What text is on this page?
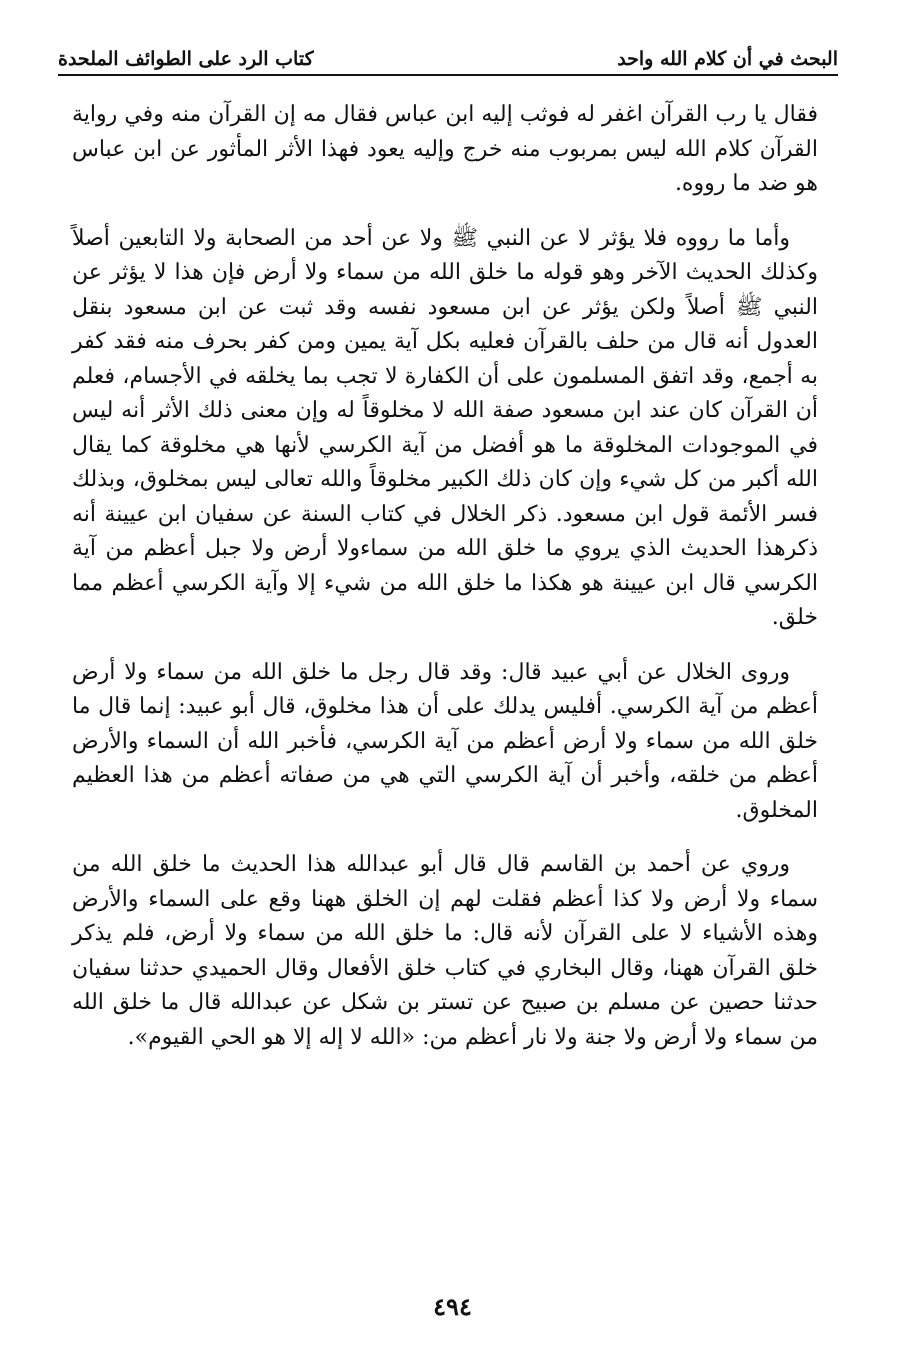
البحث في أن كلام الله واحد
كتاب الرد على الطوائف الملحدة

فقال يا رب القرآن اغفر له فوثب إليه ابن عباس فقال مه إن القرآن منه وفي رواية القرآن كلام الله ليس بمربوب منه خرج وإليه يعود فهذا الأثر المأثور عن ابن عباس هو ضد ما رووه.

وأما ما رووه فلا يؤثر لا عن النبي ﷺ ولا عن أحد من الصحابة ولا التابعين أصلاً وكذلك الحديث الآخر وهو قوله ما خلق الله من سماء ولا أرض فإن هذا لا يؤثر عن النبي ﷺ أصلاً ولكن يؤثر عن ابن مسعود نفسه وقد ثبت عن ابن مسعود بنقل العدول أنه قال من حلف بالقرآن فعليه بكل آية يمين ومن كفر بحرف منه فقد كفر به أجمع، وقد اتفق المسلمون على أن الكفارة لا تجب بما يخلقه في الأجسام، فعلم أن القرآن كان عند ابن مسعود صفة الله لا مخلوقاً له وإن معنى ذلك الأثر أنه ليس في الموجودات المخلوقة ما هو أفضل من آية الكرسي لأنها هي مخلوقة كما يقال الله أكبر من كل شيء وإن كان ذلك الكبير مخلوقاً والله تعالى ليس بمخلوق، وبذلك فسر الأئمة قول ابن مسعود. ذكر الخلال في كتاب السنة عن سفيان ابن عيينة أنه ذكرهذا الحديث الذي يروي ما خلق الله من سماءولا أرض ولا جبل أعظم من آية الكرسي قال ابن عيينة هو هكذا ما خلق الله من شيء إلا وآية الكرسي أعظم مما خلق.

وروى الخلال عن أبي عبيد قال: وقد قال رجل ما خلق الله من سماء ولا أرض أعظم من آية الكرسي. أفليس يدلك على أن هذا مخلوق، قال أبو عبيد: إنما قال ما خلق الله من سماء ولا أرض أعظم من آية الكرسي، فأخبر الله أن السماء والأرض أعظم من خلقه، وأخبر أن آية الكرسي التي هي من صفاته أعظم من هذا العظيم المخلوق.

وروي عن أحمد بن القاسم قال قال أبو عبدالله هذا الحديث ما خلق الله من سماء ولا أرض ولا كذا أعظم فقلت لهم إن الخلق ههنا وقع على السماء والأرض وهذه الأشياء لا على القرآن لأنه قال: ما خلق الله من سماء ولا أرض، فلم يذكر خلق القرآن ههنا، وقال البخاري في كتاب خلق الأفعال وقال الحميدي حدثنا سفيان حدثنا حصين عن مسلم بن صبيح عن تستر بن شكل عن عبدالله قال ما خلق الله من سماء ولا أرض ولا جنة ولا نار أعظم من: «الله لا إله إلا هو الحي القيوم».

٤٩٤
